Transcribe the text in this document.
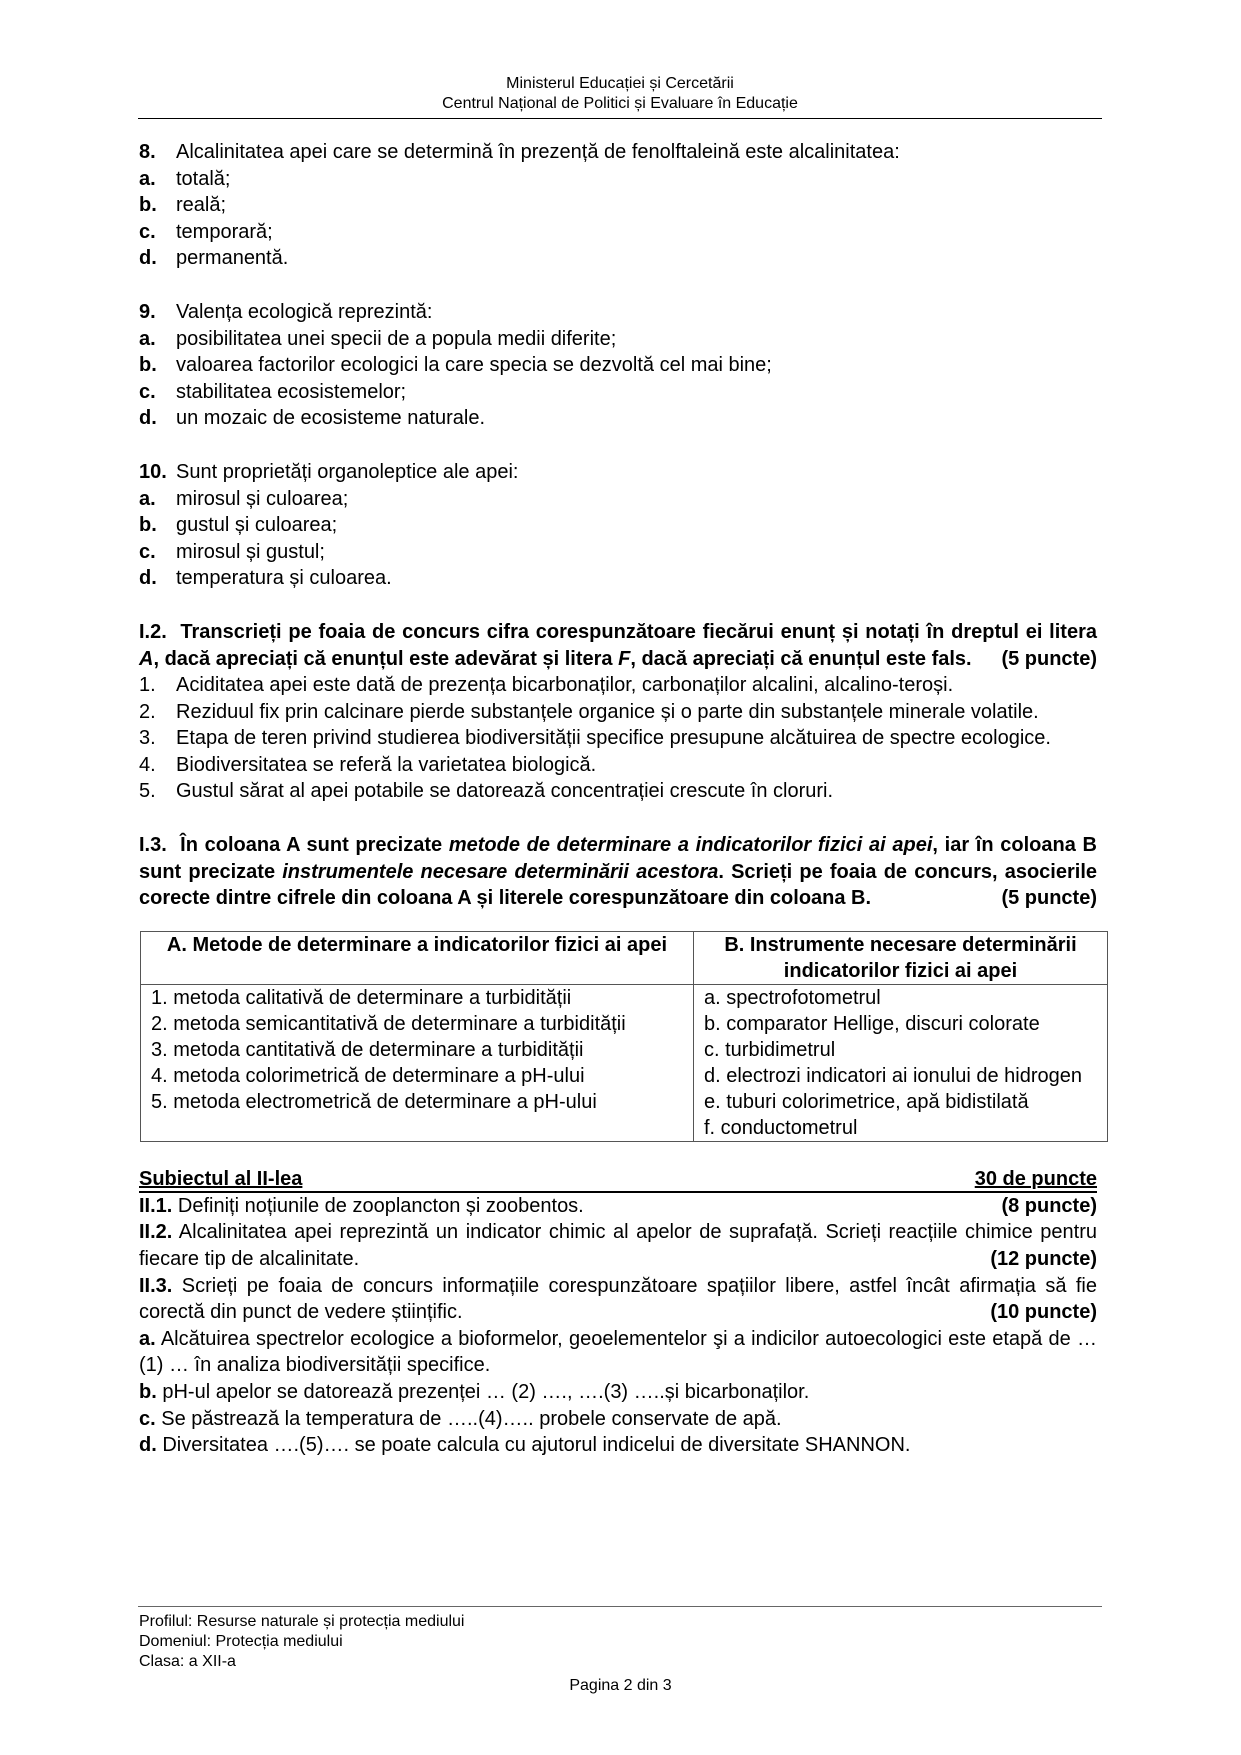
Ministerul Educației și Cercetării
Centrul Național de Politici și Evaluare în Educație
8.	Alcalinitatea apei care se determină în prezență de fenolftaleină este alcalinitatea:
a.	totală;
b. reală;
c.	temporară;
d. permanentă.
9.	Valența ecologică reprezintă:
a.	posibilitatea unei specii de a popula medii diferite;
b. valoarea factorilor ecologici la care specia se dezvoltă cel mai bine;
c.	stabilitatea ecosistemelor;
d. un mozaic de ecosisteme naturale.
10. Sunt proprietăți organoleptice ale apei:
a.	mirosul și culoarea;
b. gustul și culoarea;
c.	mirosul și gustul;
d. temperatura și culoarea.
I.2. Transcrieți pe foaia de concurs cifra corespunzătoare fiecărui enunț și notați în dreptul ei litera A, dacă apreciați că enunțul este adevărat și litera F, dacă apreciați că enunțul este fals. (5 puncte)
1. Aciditatea apei este dată de prezența bicarbonaților, carbonaților alcalini, alcalino-teroși.
2. Reziduul fix prin calcinare pierde substanțele organice și o parte din substanțele minerale volatile.
3. Etapa de teren privind studierea biodiversității specifice presupune alcătuirea de spectre ecologice.
4. Biodiversitatea se referă la varietatea biologică.
5. Gustul sărat al apei potabile se datorează concentrației crescute în cloruri.
I.3. În coloana A sunt precizate metode de determinare a indicatorilor fizici ai apei, iar în coloana B sunt precizate instrumentele necesare determinării acestora. Scrieți pe foaia de concurs, asocierile corecte dintre cifrele din coloana A și literele corespunzătoare din coloana B.	(5 puncte)
A. Metode de determinare a indicatorilor fizici ai apei	B. Instrumente necesare determinării indicatorilor fizici ai apei

1. metoda calitativă de determinare a turbidității
2. metoda semicantitativă de determinare a turbidității
3. metoda cantitativă de determinare a turbidității
4. metoda colorimetrică de determinare a pH-ului
5. metoda electrometrică de determinare a pH-ului

a. spectrofotometrul
b. comparator Hellige, discuri colorate
c. turbidimetrul
d. electrozi indicatori ai ionului de hidrogen
e. tuburi colorimetrice, apă bidistilată
f. conductometrul
Subiectul al II-lea	30 de puncte
II.1. Definiți noțiunile de zooplancton și zoobentos.	(8 puncte)
II.2. Alcalinitatea apei reprezintă un indicator chimic al apelor de suprafață. Scrieți reacțiile chimice pentru fiecare tip de alcalinitate.	(12 puncte)
II.3. Scrieți pe foaia de concurs informațiile corespunzătoare spațiilor libere, astfel încât afirmația să fie corectă din punct de vedere științific.	(10 puncte)
a. Alcătuirea spectrelor ecologice a bioformelor, geoelementelor şi a indicilor autoecologici este etapă de … (1) … în analiza biodiversității specifice.
b. pH-ul apelor se datorează prezenței … (2) …., ….(3) …..și bicarbonaților.
c. Se păstrează la temperatura de …..(4)….. probele conservate de apă.
d. Diversitatea ….(5)…. se poate calcula cu ajutorul indicelui de diversitate SHANNON.
Profilul: Resurse naturale și protecția mediului
Domeniul: Protecția mediului
Clasa: a XII-a
Pagina 2 din 3
